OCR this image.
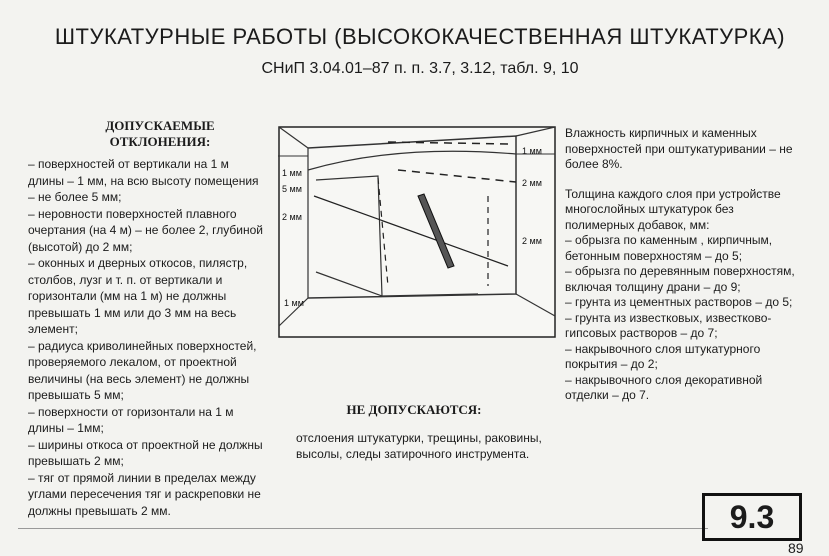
ШТУКАТУРНЫЕ РАБОТЫ (ВЫСОКОКАЧЕСТВЕННАЯ ШТУКАТУРКА)
СНиП 3.04.01–87 п. п. 3.7, 3.12, табл. 9, 10
ДОПУСКАЕМЫЕ
ОТКЛОНЕНИЯ:

– поверхностей от вертикали на 1 м длины – 1 мм, на всю высоту помещения – не более 5 мм;

– неровности поверхностей плавного очертания (на 4 м) – не более 2, глубиной (высотой) до 2 мм;

– оконных и дверных откосов, пилястр, столбов, лузг и т. п. от вертикали и горизонтали (мм на 1 м) не должны превышать 1 мм или до 3 мм на весь элемент;

– радиуса криволинейных поверхностей, проверяемого лекалом, от проектной величины (на весь элемент) не должны превышать 5 мм;

– поверхности от горизонтали на 1 м длины – 1мм;

– ширины откоса от проектной не должны превышать 2 мм;

– тяг от прямой линии в пределах между углами пересечения тяг и раскреповки не должны превышать 2 мм.

1 мм
5 мм
2 мм
1 мм
1 мм
2 мм
2 мм

Влажность кирпичных и каменных поверхностей при оштукатуривании – не более 8%.

Толщина каждого слоя при устройстве многослойных штукатурок без полимерных добавок, мм:

– обрызга по каменным , кирпичным, бетонным поверхностям – до 5;

– обрызга по деревянным поверхностям, включая толщину драни – до 9;

– грунта из цементных растворов – до 5;

– грунта из известковых, известково-гипсовых растворов – до 7;

– накрывочного слоя штукатурного покрытия – до 2;

– накрывочного слоя декоративной отделки – до 7.

НЕ ДОПУСКАЮТСЯ:
отслоения штукатурки, трещины, раковины, высолы, следы затирочного инструмента.
9.3
89
